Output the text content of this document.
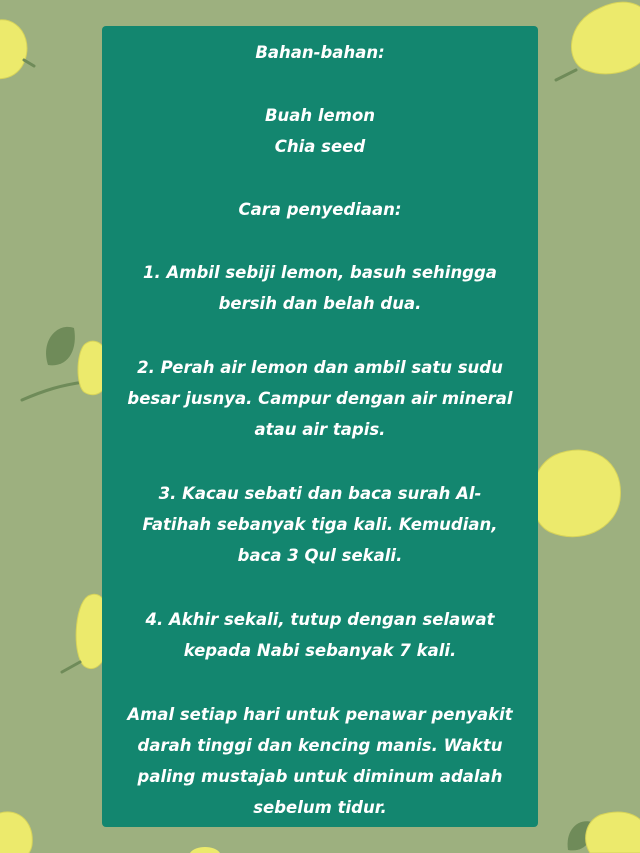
Bahan-bahan:
Buah lemon
Chia seed
Cara penyediaan:
1. Ambil sebiji lemon, basuh sehingga
bersih dan belah dua.
2. Perah air lemon dan ambil satu sudu
besar jusnya. Campur dengan air mineral
atau air tapis.
3. Kacau sebati dan baca surah Al-
Fatihah sebanyak tiga kali. Kemudian,
baca 3 Qul sekali.
4. Akhir sekali, tutup dengan selawat
kepada Nabi sebanyak 7 kali.
Amal setiap hari untuk penawar penyakit
darah tinggi dan kencing manis. Waktu
paling mustajab untuk diminum adalah
sebelum tidur.
